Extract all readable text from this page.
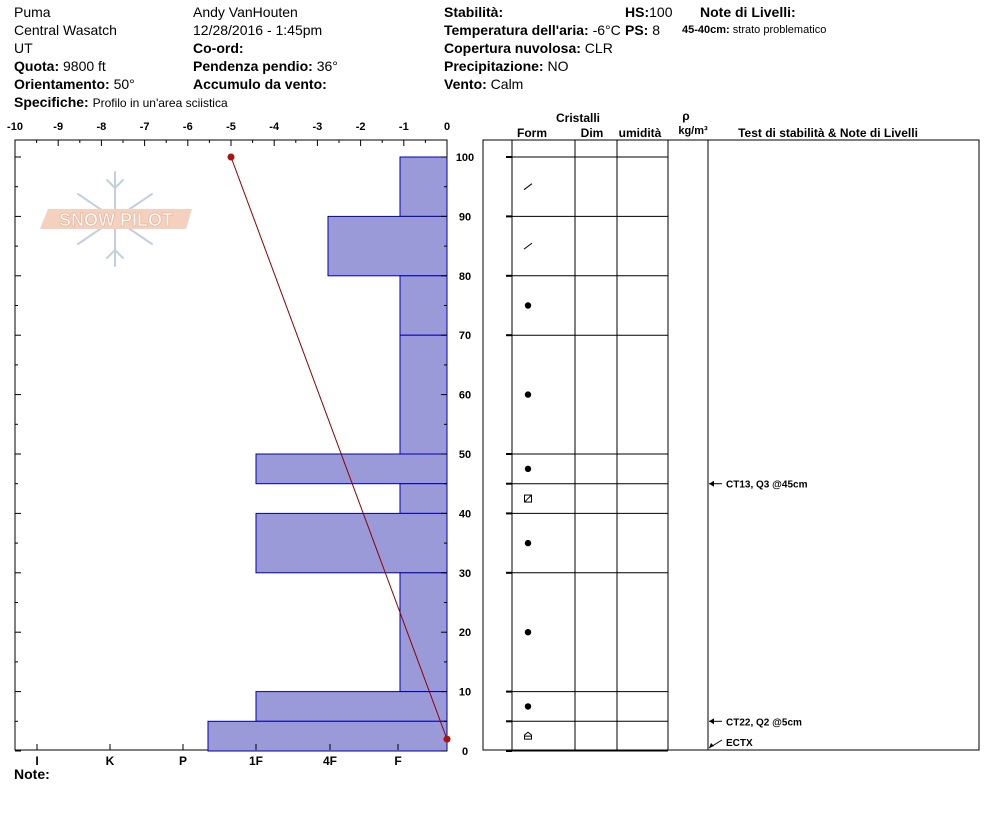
Puma
Central Wasatch
UT
Quota: 9800 ft
Orientamento: 50°
Specifiche: Profilo in un'area sciistica
Andy VanHouten
12/28/2016 - 1:45pm
Co-ord:
Pendenza pendio: 36°
Accumulo da vento:
Stabilità:
Temperatura dell'aria: -6°C
Copertura nuvolosa: CLR
Precipitazione: NO
Vento: Calm
HS:100
PS: 8
Note di Livelli:
45-40cm: strato problematico
Note:
SNOW PILOT
-10	-9	-8	-7	-6	-5	-4	-3	-2	-1	0
0
10
20
30
40
50
60
70
80
90
100
I	K	P	1F	4F	F
CT13, Q3 @45cm
CT22, Q2 @5cm
ECTX
Cristalli
Form	Dim umidità
ρ
kg/m³	Test di stabilità & Note di Livelli
